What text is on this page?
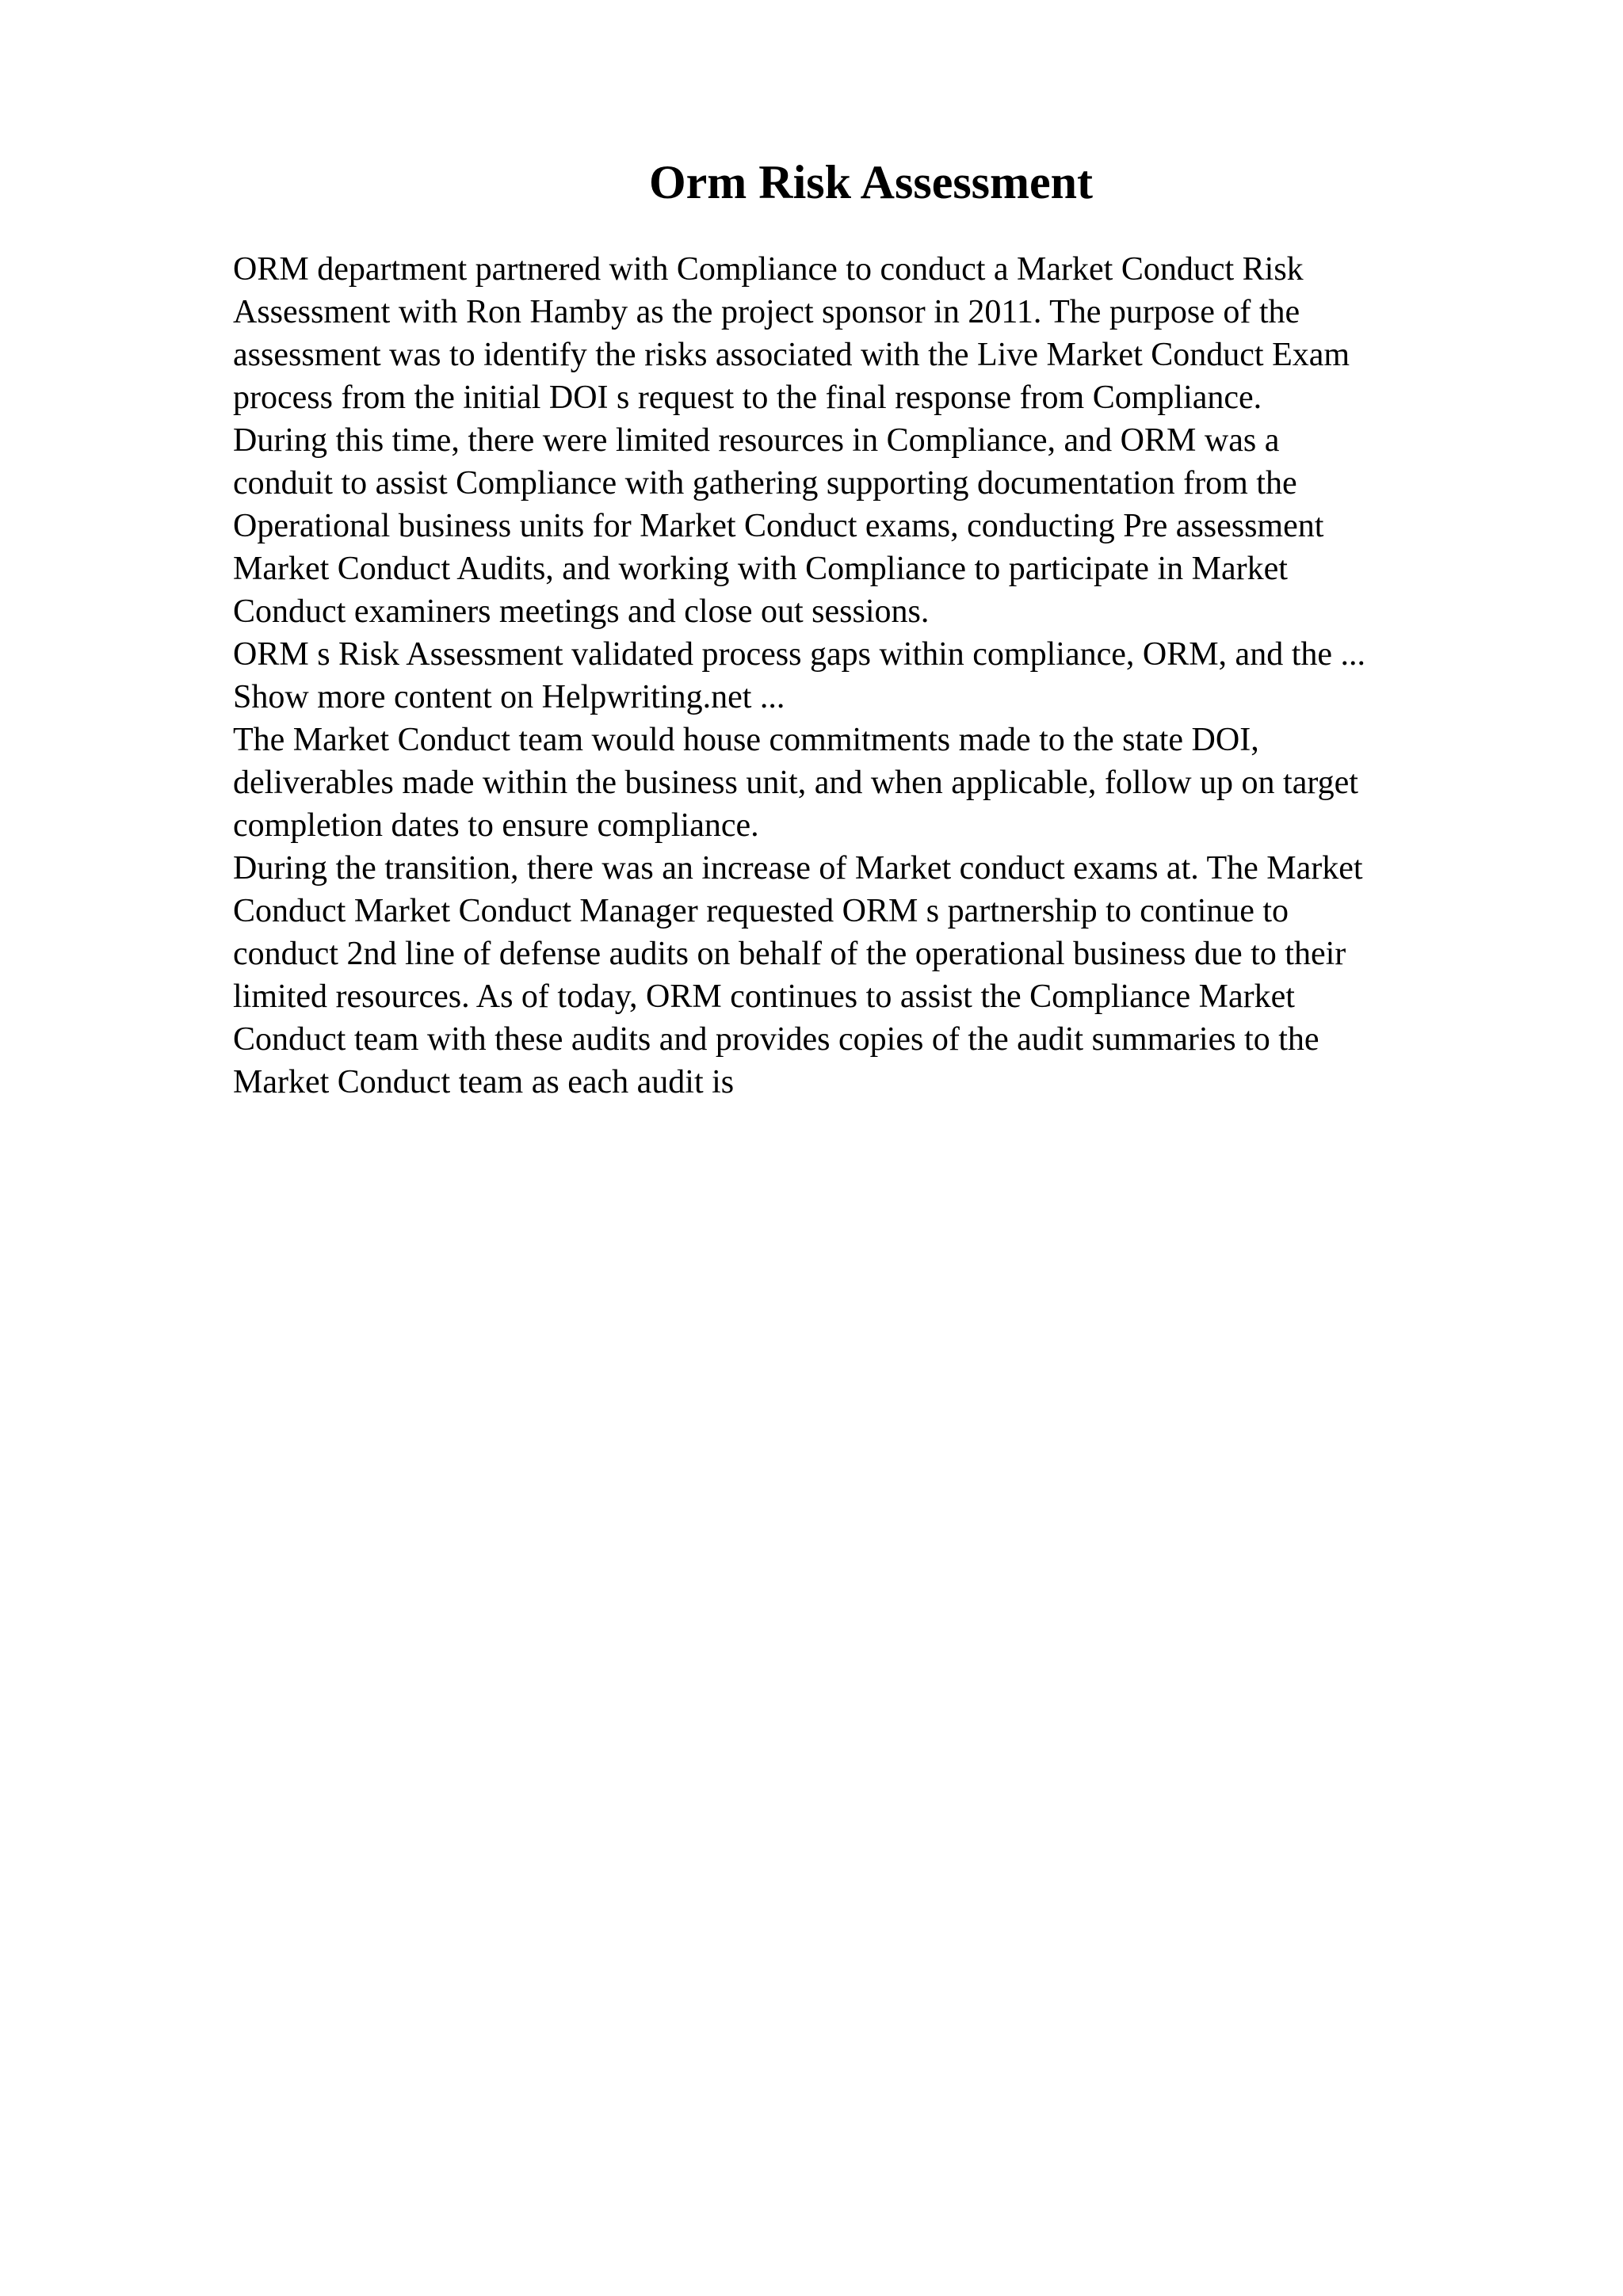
Orm Risk Assessment
ORM department partnered with Compliance to conduct a Market Conduct Risk
Assessment with Ron Hamby as the project sponsor in 2011. The purpose of the
assessment was to identify the risks associated with the Live Market Conduct Exam
process from the initial DOI s request to the final response from Compliance.
During this time, there were limited resources in Compliance, and ORM was a
conduit to assist Compliance with gathering supporting documentation from the
Operational business units for Market Conduct exams, conducting Pre assessment
Market Conduct Audits, and working with Compliance to participate in Market
Conduct examiners meetings and close out sessions.
ORM s Risk Assessment validated process gaps within compliance, ORM, and the ...
Show more content on Helpwriting.net ...
The Market Conduct team would house commitments made to the state DOI,
deliverables made within the business unit, and when applicable, follow up on target
completion dates to ensure compliance.
During the transition, there was an increase of Market conduct exams at. The Market
Conduct Market Conduct Manager requested ORM s partnership to continue to
conduct 2nd line of defense audits on behalf of the operational business due to their
limited resources. As of today, ORM continues to assist the Compliance Market
Conduct team with these audits and provides copies of the audit summaries to the
Market Conduct team as each audit is
